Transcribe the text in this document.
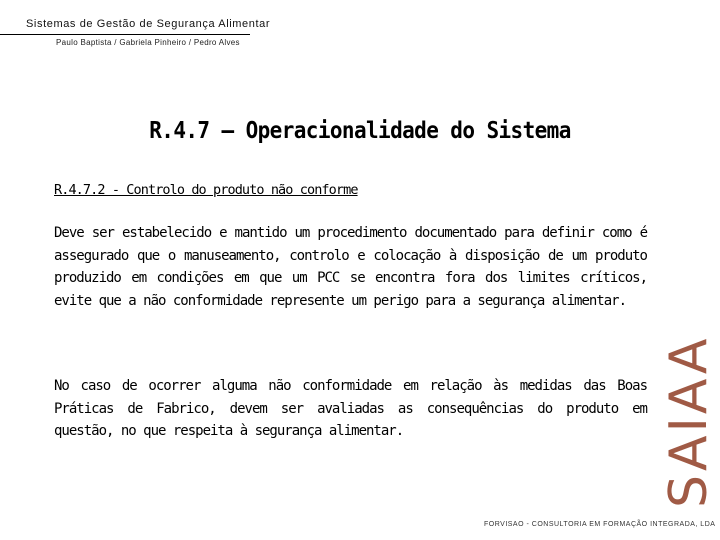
Sistemas de Gestão de Segurança Alimentar
Paulo Baptista / Gabriela Pinheiro / Pedro Alves
R.4.7 – Operacionalidade do Sistema
R.4.7.2 - Controlo do produto não conforme

Deve ser estabelecido e mantido um procedimento documentado para definir como é assegurado que o manuseamento, controlo e colocação à disposição de um produto produzido em condições em que um PCC se encontra fora dos limites críticos, evite que a não conformidade represente um perigo para a segurança alimentar.

No caso de ocorrer alguma não conformidade em relação às medidas das Boas Práticas de Fabrico, devem ser avaliadas as consequências do produto em questão, no que respeita à segurança alimentar.	SAIAA
FORVISAO - CONSULTORIA EM FORMAÇÃO INTEGRADA, LDA
